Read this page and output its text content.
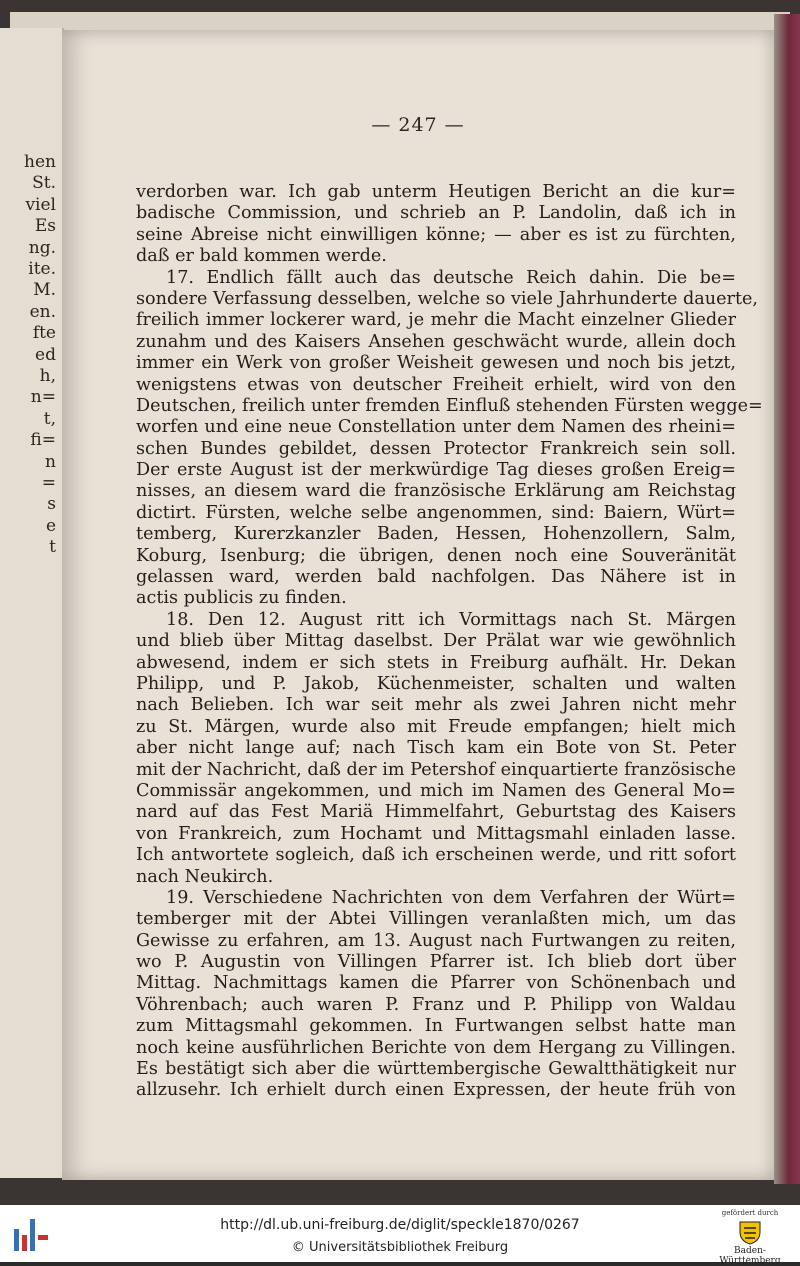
hen
St.
viel
Es
ng.
ite.
M.
en.
fte
ed
h,
n=
t,
fi=
n
=
s
e
t
— 247 —
verdorben war. Ich gab unterm Heutigen Bericht an die kur=
badische Commission, und schrieb an P. Landolin, daß ich in
seine Abreise nicht einwilligen könne; — aber es ist zu fürchten,
daß er bald kommen werde.
17. Endlich fällt auch das deutsche Reich dahin. Die be=
sondere Verfassung desselben, welche so viele Jahrhunderte dauerte,
freilich immer lockerer ward, je mehr die Macht einzelner Glieder
zunahm und des Kaisers Ansehen geschwächt wurde, allein doch
immer ein Werk von großer Weisheit gewesen und noch bis jetzt,
wenigstens etwas von deutscher Freiheit erhielt, wird von den
Deutschen, freilich unter fremden Einfluß stehenden Fürsten wegge=
worfen und eine neue Constellation unter dem Namen des rheini=
schen Bundes gebildet, dessen Protector Frankreich sein soll.
Der erste August ist der merkwürdige Tag dieses großen Ereig=
nisses, an diesem ward die französische Erklärung am Reichstag
dictirt. Fürsten, welche selbe angenommen, sind: Baiern, Würt=
temberg, Kurerzkanzler Baden, Hessen, Hohenzollern, Salm,
Koburg, Isenburg; die übrigen, denen noch eine Souveränität
gelassen ward, werden bald nachfolgen. Das Nähere ist in
actis publicis zu finden.
18. Den 12. August ritt ich Vormittags nach St. Märgen
und blieb über Mittag daselbst. Der Prälat war wie gewöhnlich
abwesend, indem er sich stets in Freiburg aufhält. Hr. Dekan
Philipp, und P. Jakob, Küchenmeister, schalten und walten
nach Belieben. Ich war seit mehr als zwei Jahren nicht mehr
zu St. Märgen, wurde also mit Freude empfangen; hielt mich
aber nicht lange auf; nach Tisch kam ein Bote von St. Peter
mit der Nachricht, daß der im Petershof einquartierte französische
Commissär angekommen, und mich im Namen des General Mo=
nard auf das Fest Mariä Himmelfahrt, Geburtstag des Kaisers
von Frankreich, zum Hochamt und Mittagsmahl einladen lasse.
Ich antwortete sogleich, daß ich erscheinen werde, und ritt sofort
nach Neukirch.
19. Verschiedene Nachrichten von dem Verfahren der Würt=
temberger mit der Abtei Villingen veranlaßten mich, um das
Gewisse zu erfahren, am 13. August nach Furtwangen zu reiten,
wo P. Augustin von Villingen Pfarrer ist. Ich blieb dort über
Mittag. Nachmittags kamen die Pfarrer von Schönenbach und
Vöhrenbach; auch waren P. Franz und P. Philipp von Waldau
zum Mittagsmahl gekommen. In Furtwangen selbst hatte man
noch keine ausführlichen Berichte von dem Hergang zu Villingen.
Es bestätigt sich aber die württembergische Gewaltthätigkeit nur
allzusehr. Ich erhielt durch einen Expressen, der heute früh von
http://dl.ub.uni-freiburg.de/diglit/speckle1870/0267
© Universitätsbibliothek Freiburg
gefördert durch
Baden-Württemberg
